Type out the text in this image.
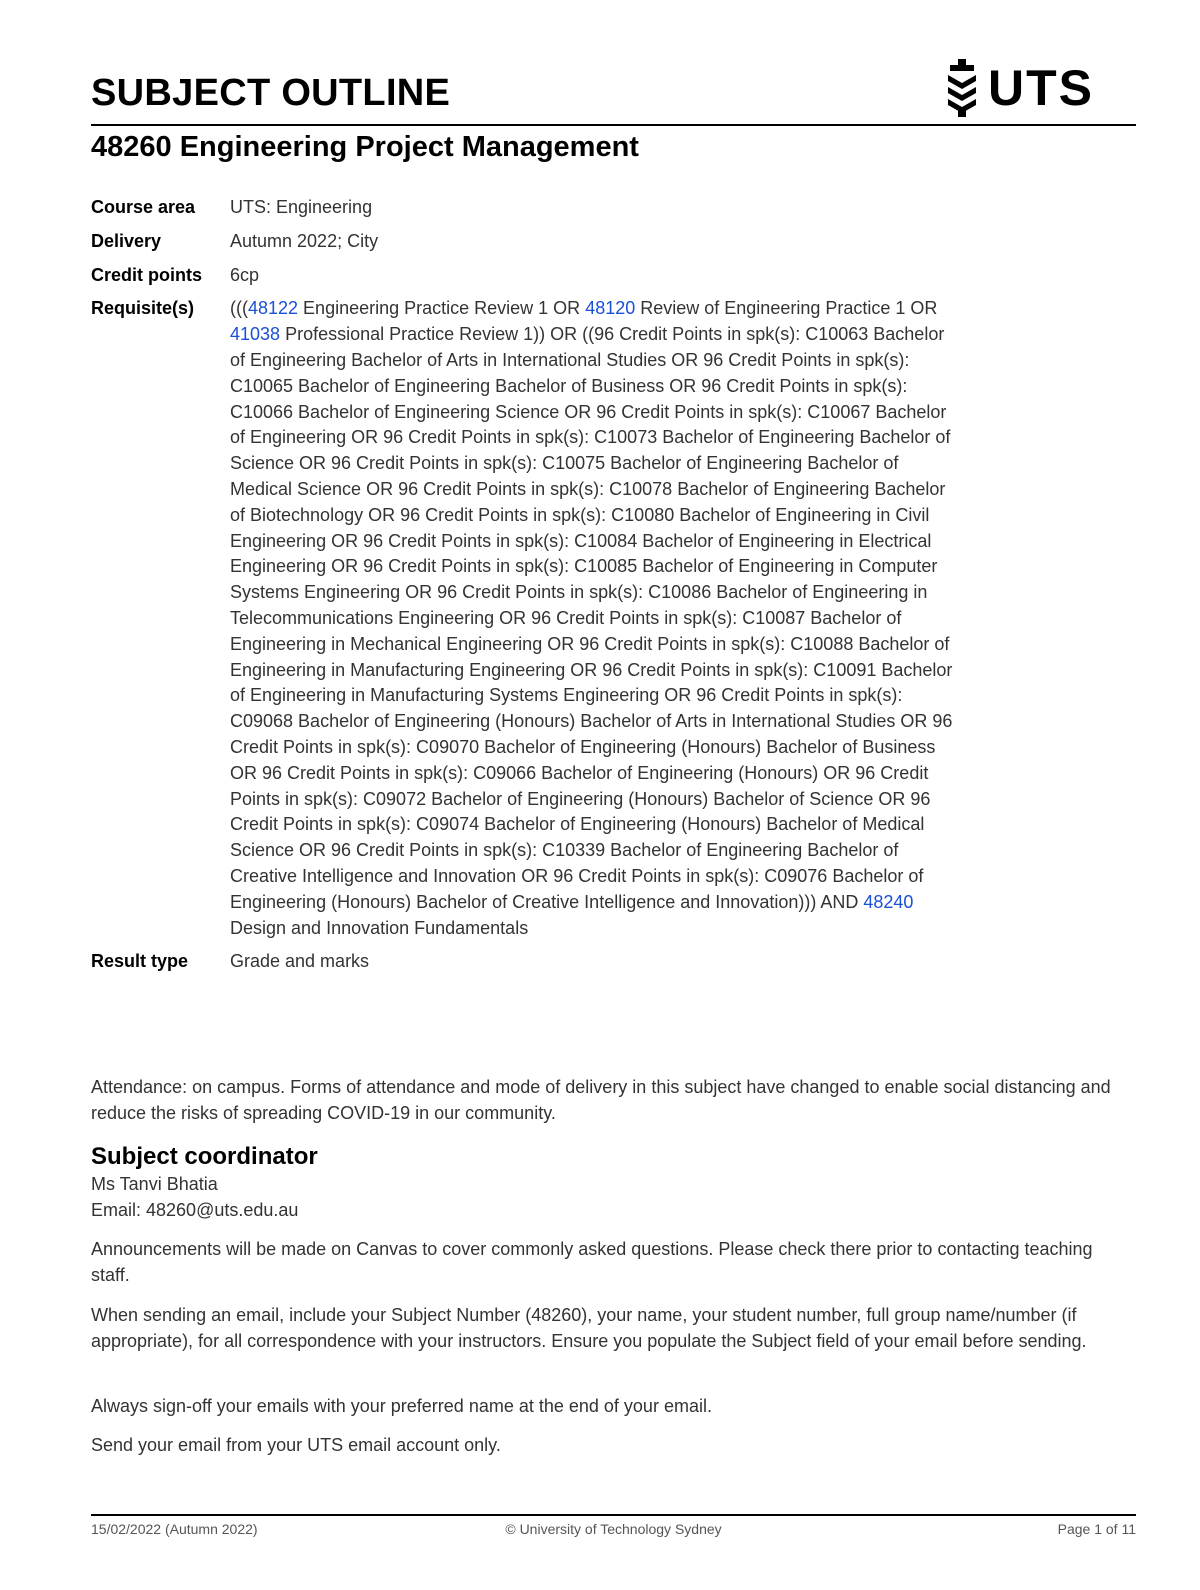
SUBJECT OUTLINE	UTS
48260 Engineering Project Management
Course area	UTS: Engineering
Delivery	Autumn 2022; City
Credit points	6cp
Requisite(s)	(((48122 Engineering Practice Review 1 OR 48120 Review of Engineering Practice 1 OR 41038 Professional Practice Review 1)) OR ((96 Credit Points in spk(s): C10063 Bachelor of Engineering Bachelor of Arts in International Studies OR 96 Credit Points in spk(s): C10065 Bachelor of Engineering Bachelor of Business OR 96 Credit Points in spk(s): C10066 Bachelor of Engineering Science OR 96 Credit Points in spk(s): C10067 Bachelor of Engineering OR 96 Credit Points in spk(s): C10073 Bachelor of Engineering Bachelor of Science OR 96 Credit Points in spk(s): C10075 Bachelor of Engineering Bachelor of Medical Science OR 96 Credit Points in spk(s): C10078 Bachelor of Engineering Bachelor of Biotechnology OR 96 Credit Points in spk(s): C10080 Bachelor of Engineering in Civil Engineering OR 96 Credit Points in spk(s): C10084 Bachelor of Engineering in Electrical Engineering OR 96 Credit Points in spk(s): C10085 Bachelor of Engineering in Computer Systems Engineering OR 96 Credit Points in spk(s): C10086 Bachelor of Engineering in Telecommunications Engineering OR 96 Credit Points in spk(s): C10087 Bachelor of Engineering in Mechanical Engineering OR 96 Credit Points in spk(s): C10088 Bachelor of Engineering in Manufacturing Engineering OR 96 Credit Points in spk(s): C10091 Bachelor of Engineering in Manufacturing Systems Engineering OR 96 Credit Points in spk(s): C09068 Bachelor of Engineering (Honours) Bachelor of Arts in International Studies OR 96 Credit Points in spk(s): C09070 Bachelor of Engineering (Honours) Bachelor of Business OR 96 Credit Points in spk(s): C09066 Bachelor of Engineering (Honours) OR 96 Credit Points in spk(s): C09072 Bachelor of Engineering (Honours) Bachelor of Science OR 96 Credit Points in spk(s): C09074 Bachelor of Engineering (Honours) Bachelor of Medical Science OR 96 Credit Points in spk(s): C10339 Bachelor of Engineering Bachelor of Creative Intelligence and Innovation OR 96 Credit Points in spk(s): C09076 Bachelor of Engineering (Honours) Bachelor of Creative Intelligence and Innovation))) AND 48240 Design and Innovation Fundamentals
Result type	Grade and marks

Attendance: on campus. Forms of attendance and mode of delivery in this subject have changed to enable social distancing and reduce the risks of spreading COVID-19 in our community.

Subject coordinator

Ms Tanvi Bhatia

Email: 48260@uts.edu.au

Announcements will be made on Canvas to cover commonly asked questions. Please check there prior to contacting teaching staff.

When sending an email, include your Subject Number (48260), your name, your student number, full group name/number (if appropriate), for all correspondence with your instructors. Ensure you populate the Subject field of your email before sending.

Always sign-off your emails with your preferred name at the end of your email.

Send your email from your UTS email account only.

15/02/2022 (Autumn 2022)	© University of Technology Sydney	Page 1 of 11
